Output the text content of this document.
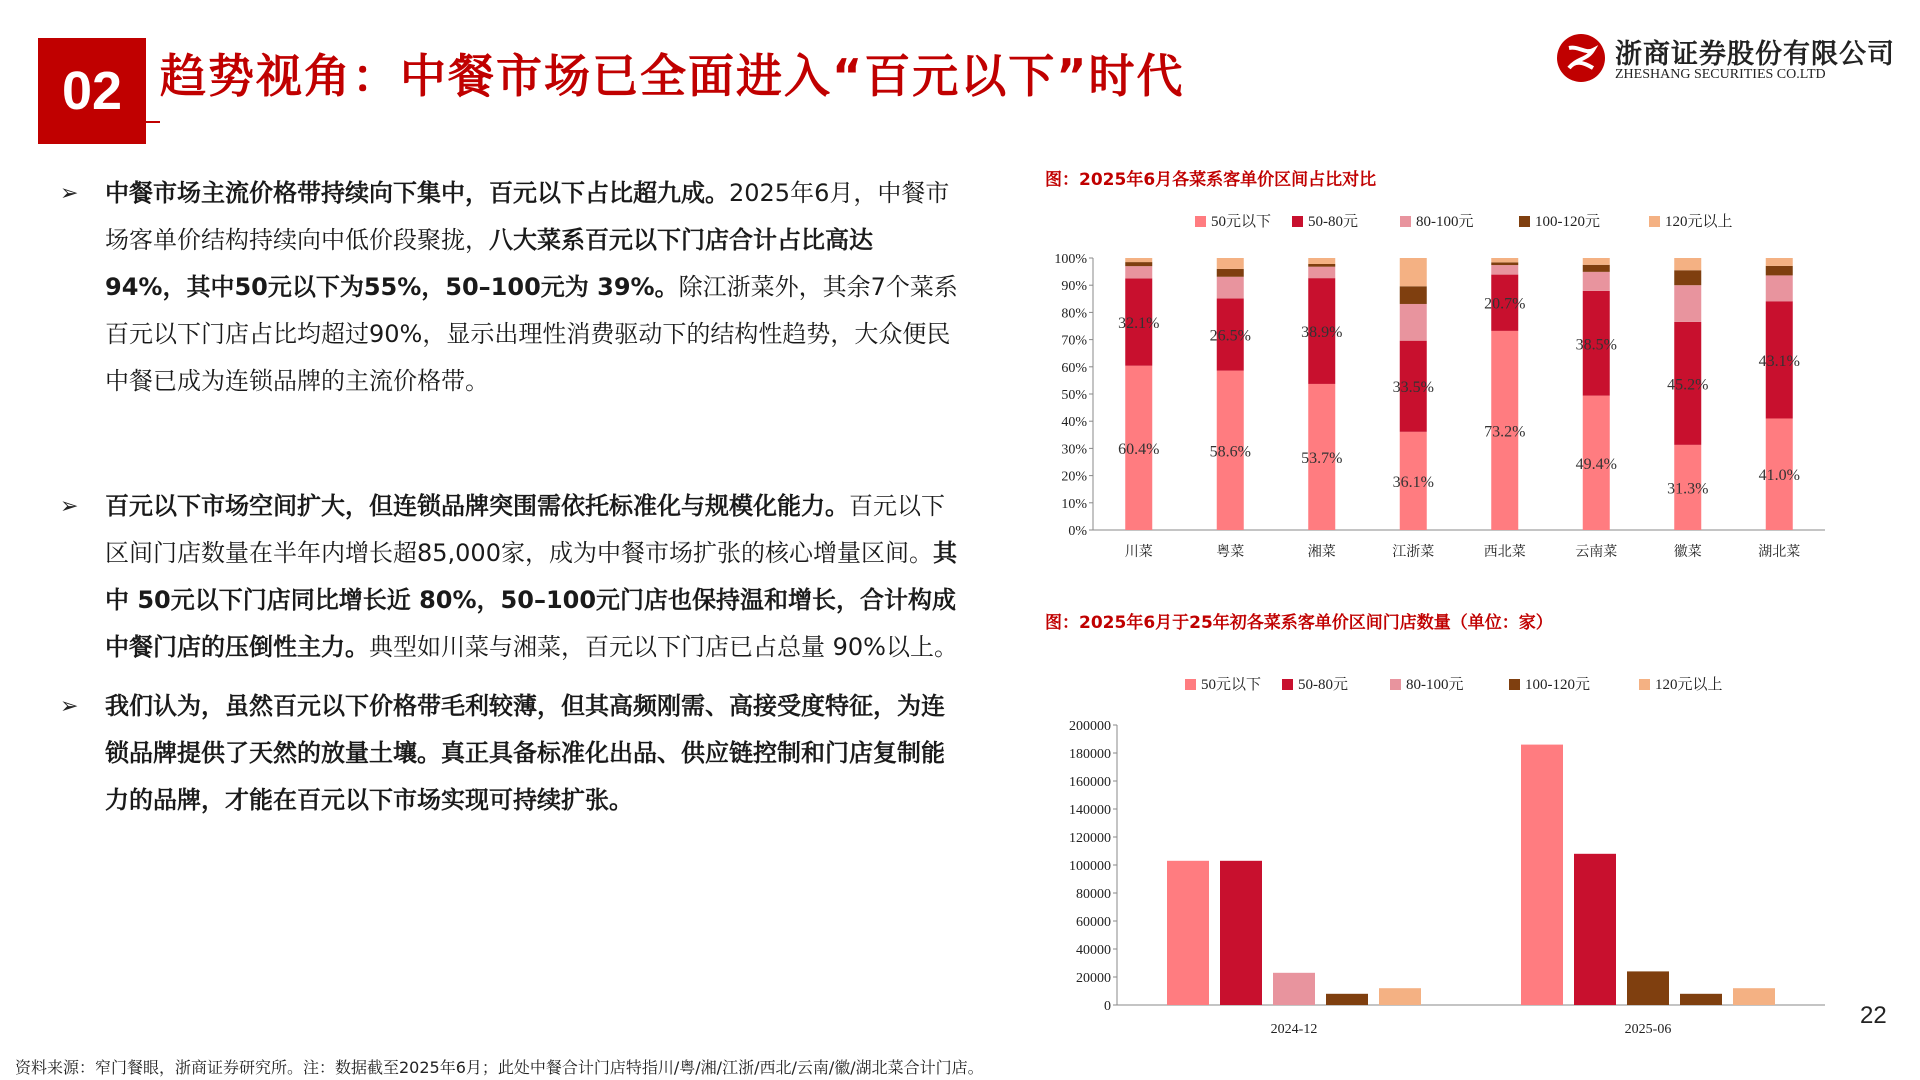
02 趋势视角：中餐市场已全面进入“百元以下”时代	浙商证券股份有限公司
ZHESHANG SECURITIES CO.LTD
➢ 中餐市场主流价格带持续向下集中，百元以下占比超九成。2025年6月，中餐市场客单价结构持续向中低价段聚拢，八大菜系百元以下门店合计占比高达 94%，其中50元以下为55%，50–100元为 39%。除江浙菜外，其余7个菜系百元以下门店占比均超过90%，显示出理性消费驱动下的结构性趋势，大众便民中餐已成为连锁品牌的主流价格带。
➢ 百元以下市场空间扩大，但连锁品牌突围需依托标准化与规模化能力。百元以下区间门店数量在半年内增长超85,000家，成为中餐市场扩张的核心增量区间。其中 50元以下门店同比增长近 80%，50–100元门店也保持温和增长，合计构成中餐门店的压倒性主力。典型如川菜与湘菜，百元以下门店已占总量 90%以上。
➢ 我们认为，虽然百元以下价格带毛利较薄，但其高频刚需、高接受度特征，为连锁品牌提供了天然的放量土壤。真正具备标准化出品、供应链控制和门店复制能力的品牌，才能在百元以下市场实现可持续扩张。
图：2025年6月各菜系客单价区间占比对比
50元以下 50-80元	80-100元	100-120元	120元以上
0%
10%
20%
30%
40%
50%
60%
70%
80%
90%
100%
60.4%
32.1%
川菜
58.6%
26.5%
粤菜
53.7%
38.9%
湘菜
36.1%
33.5%
江浙菜
73.2%
20.7%
西北菜
49.4%
38.5%
云南菜
31.3%
45.2%
徽菜
41.0%
43.1%
湖北菜
图：2025年6月于25年初各菜系客单价区间门店数量（单位：家）
50元以下 50-80元	80-100元	100-120元	120元以上
0
20000
40000
60000
80000
100000
120000
140000
160000
180000
200000
2024-12	2025-06
22
资料来源：窄门餐眼，浙商证券研究所。注：数据截至2025年6月；此处中餐合计门店特指川/粤/湘/江浙/西北/云南/徽/湖北菜合计门店。
